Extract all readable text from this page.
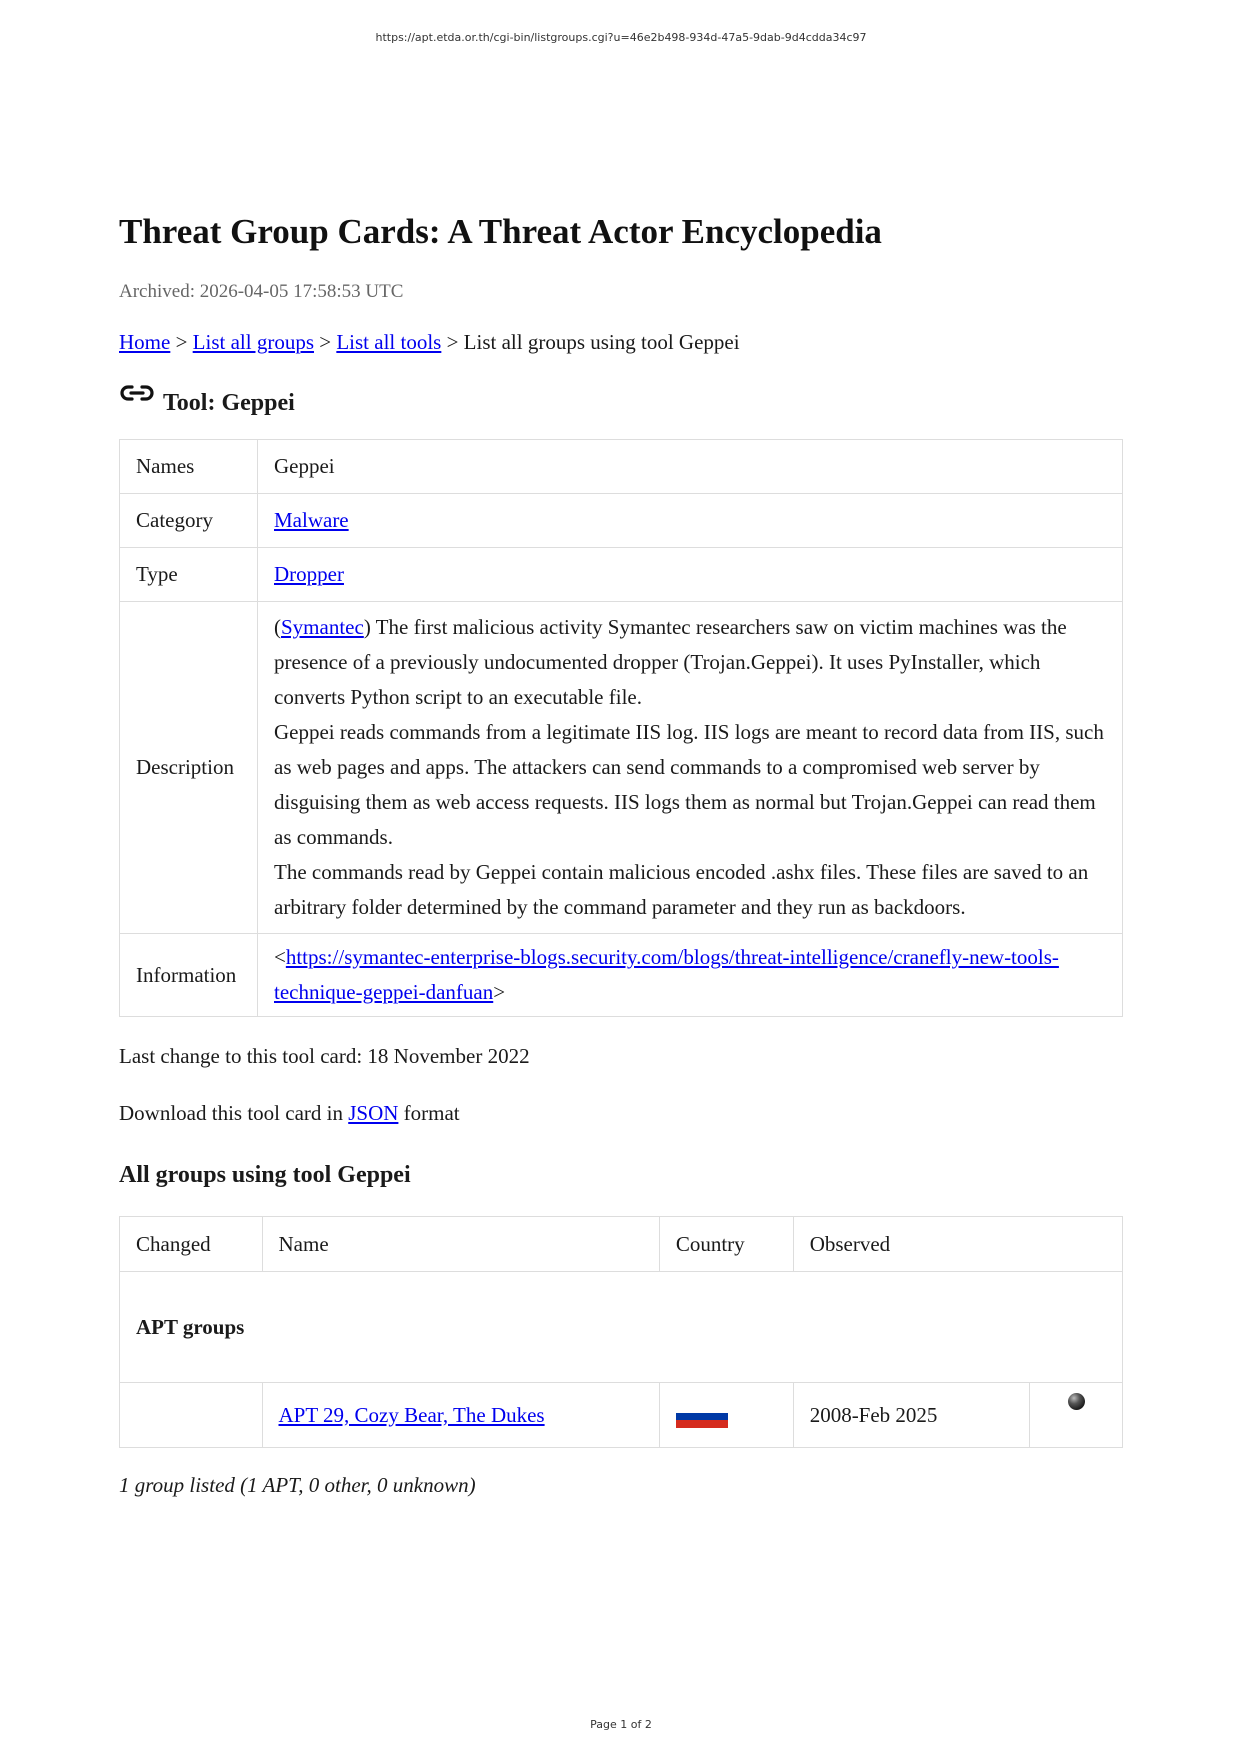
https://apt.etda.or.th/cgi-bin/listgroups.cgi?u=46e2b498-934d-47a5-9dab-9d4cdda34c97
Threat Group Cards: A Threat Actor Encyclopedia
Archived: 2026-04-05 17:58:53 UTC
Home > List all groups > List all tools > List all groups using tool Geppei
Tool: Geppei
Names	Geppei
Category	Malware
Type	Dropper
Description	(Symantec) The first malicious activity Symantec researchers saw on victim machines was the presence of a previously undocumented dropper (Trojan.Geppei). It uses PyInstaller, which converts Python script to an executable file.
Geppei reads commands from a legitimate IIS log. IIS logs are meant to record data from IIS, such as web pages and apps. The attackers can send commands to a compromised web server by disguising them as web access requests. IIS logs them as normal but Trojan.Geppei can read them as commands.
The commands read by Geppei contain malicious encoded .ashx files. These files are saved to an arbitrary folder determined by the command parameter and they run as backdoors.

Information	<https://symantec-enterprise-blogs.security.com/blogs/threat-intelligence/cranefly-new-tools-
technique-geppei-danfuan>
Last change to this tool card: 18 November 2022
Download this tool card in JSON format
All groups using tool Geppei
Changed	Name	Country	Observed	
APT groups				
	APT 29, Cozy Bear, The Dukes		2008-Feb 2025	
1 group listed (1 APT, 0 other, 0 unknown)
Page 1 of 2
